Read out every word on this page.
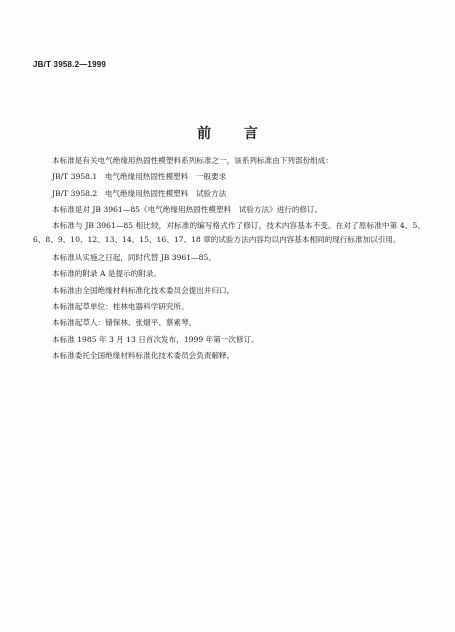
JB/T 3958.2—1999
前 言

本标准是有关电气绝缘用热固性模塑料系列标准之一，该系列标准由下列部份组成：

JB/T 3958.1　电气绝缘用热固性模塑料　一般要求

JB/T 3958.2　电气绝缘用热固性模塑料　试验方法

本标准是对 JB 3961—85《电气绝缘用热固性模塑料　试验方法》进行的修订。

本标准与 JB 3961—85 相比较，对标准的编写格式作了修订，技术内容基本不变。在对了原标准中第 4、5、6、8、9、10、12、13、14、15、16、17、18 章的试验方法内容均以内容基本相同的现行标准加以引用。

本标准从实施之日起，同时代替 JB 3961—85。

本标准的附录 A 是提示的附录。

本标准由全国绝缘材料标准化技术委员会提出并归口。

本标准起草单位：桂林电器科学研究所。

本标准起草人：储保林、张烟平、蔡素琴。

本标准 1985 年 3 月 13 日首次发布，1999 年第一次修订。

本标准委托全国绝缘材料标准化技术委员会负责解释。
